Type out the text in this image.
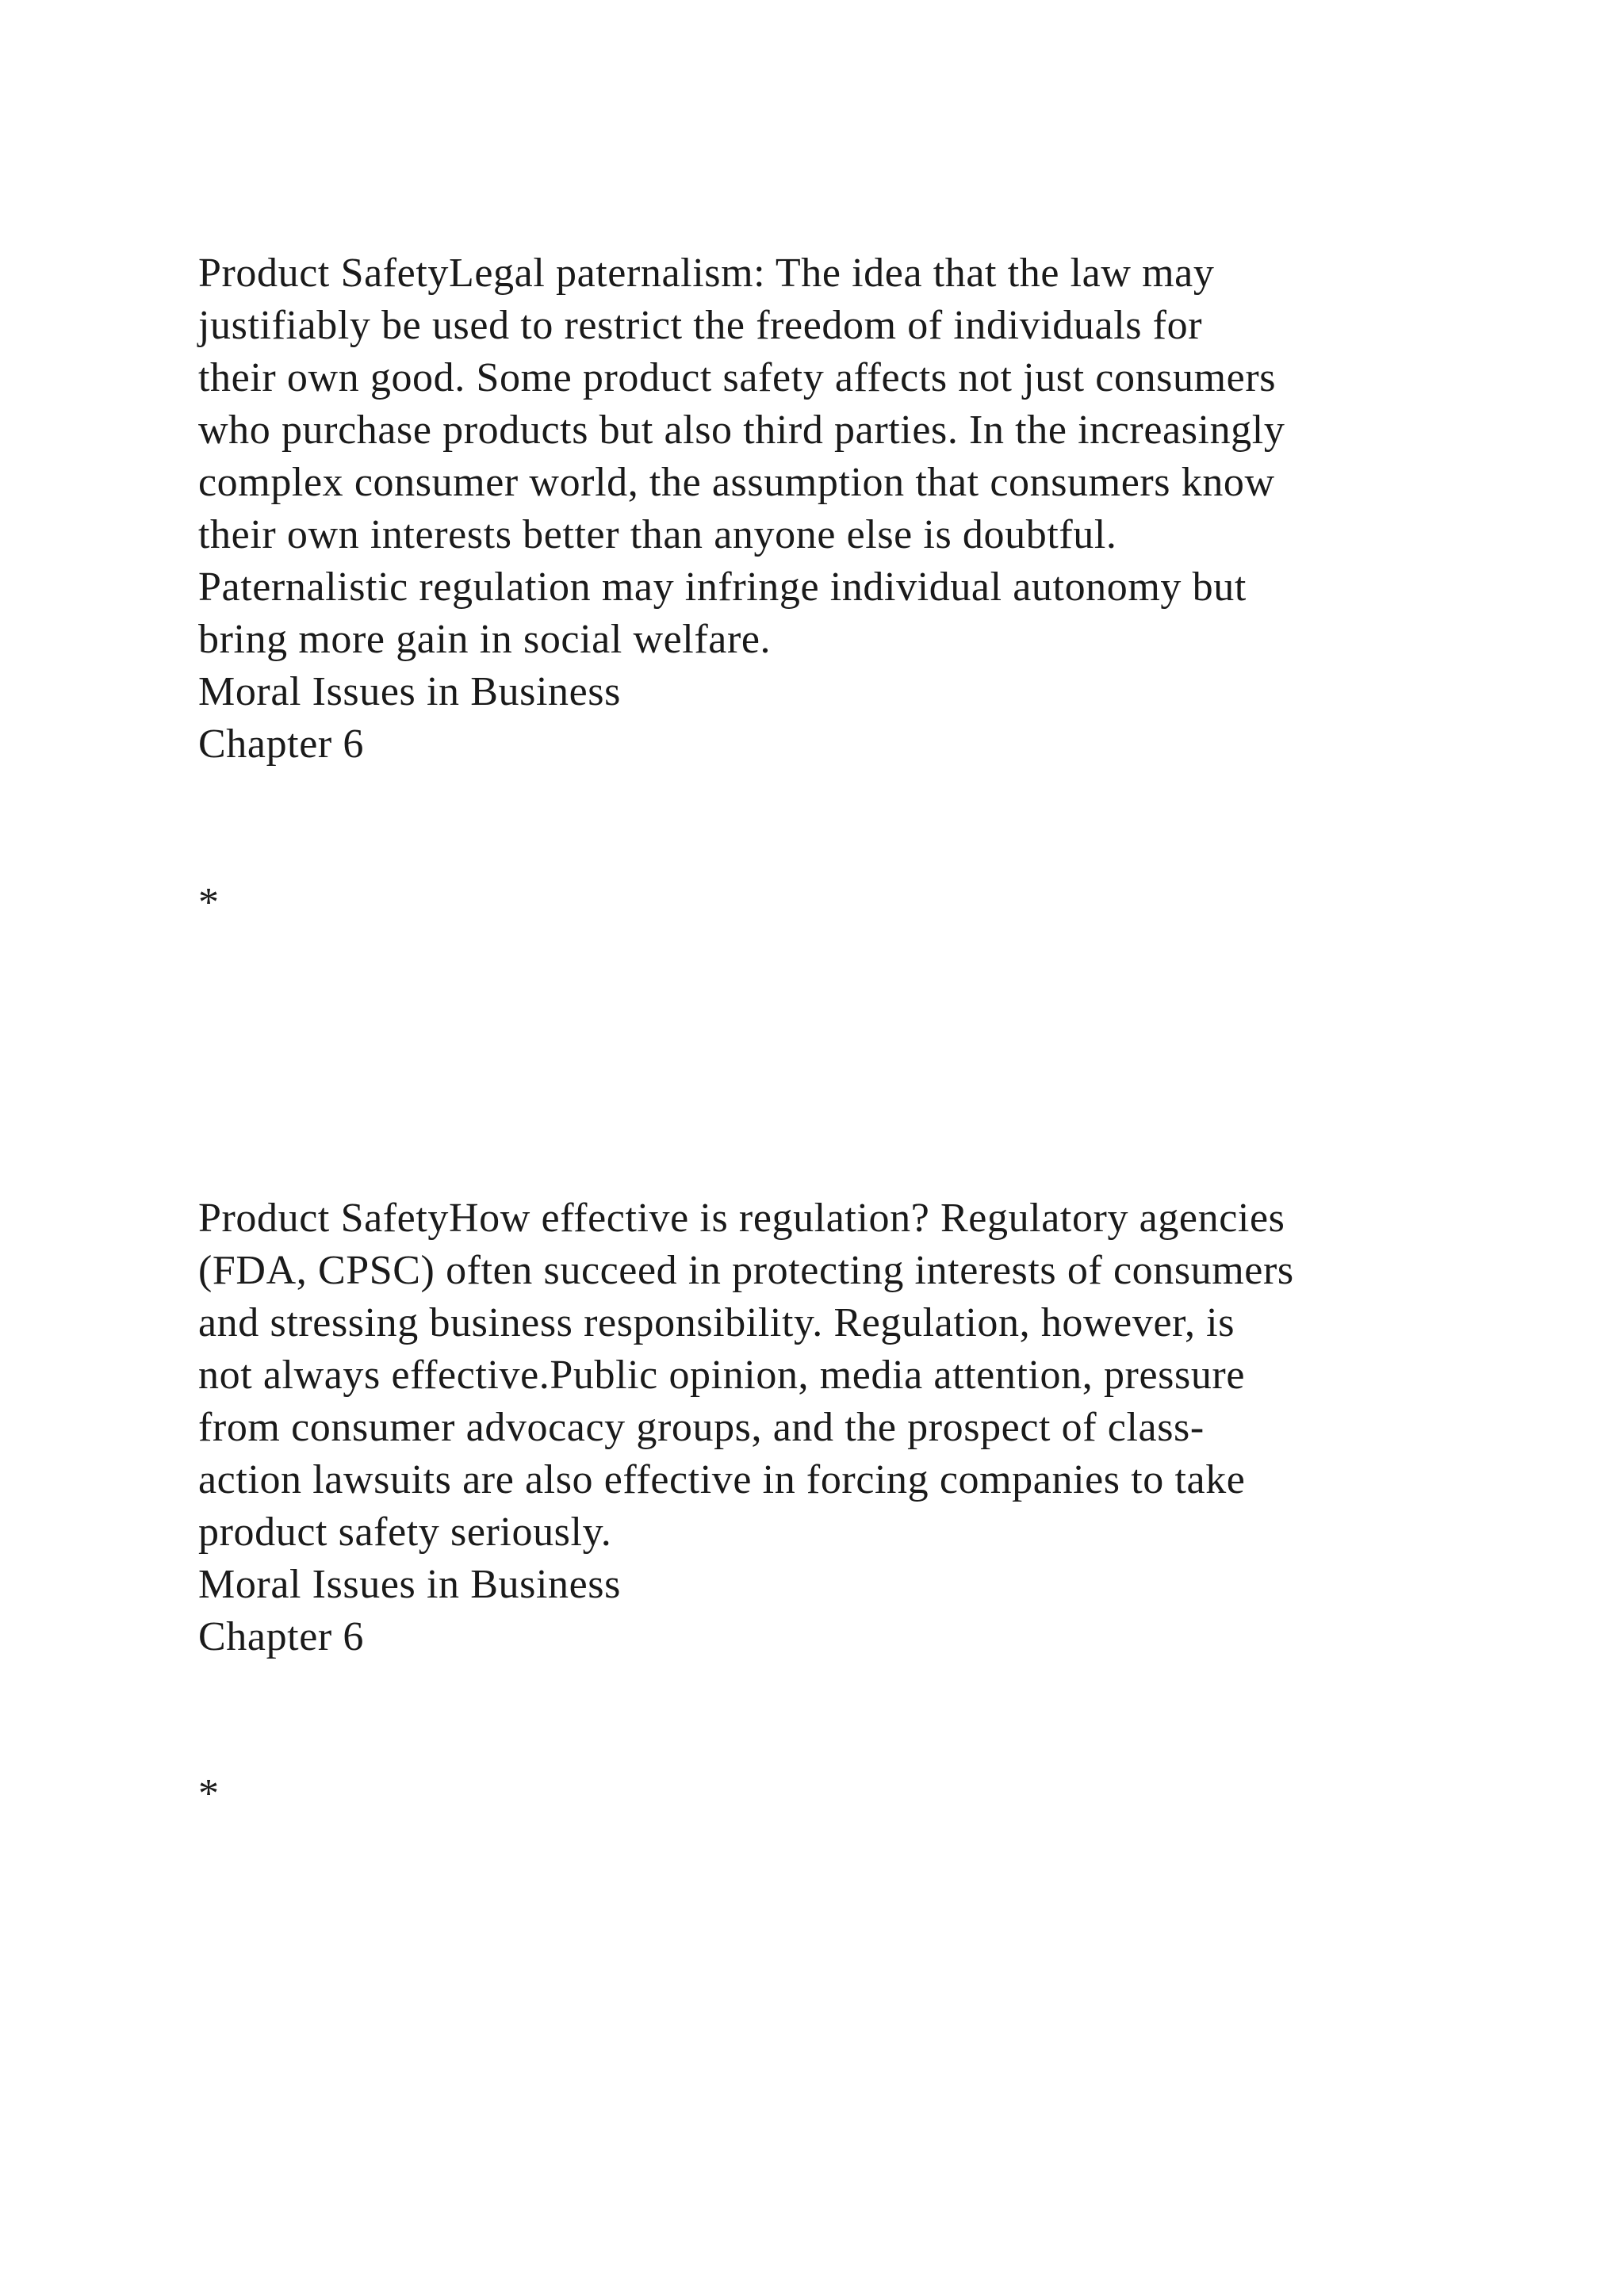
Product SafetyLegal paternalism: The idea that the law may
justifiably be used to restrict the freedom of individuals for
their own good. Some product safety affects not just consumers
who purchase products but also third parties. In the increasingly
complex consumer world, the assumption that consumers know
their own interests better than anyone else is doubtful.
Paternalistic regulation may infringe individual autonomy but
bring more gain in social welfare.
Moral Issues in Business
Chapter 6
*
Product SafetyHow effective is regulation? Regulatory agencies
(FDA, CPSC) often succeed in protecting interests of consumers
and stressing business responsibility. Regulation, however, is
not always effective.Public opinion, media attention, pressure
from consumer advocacy groups, and the prospect of class-
action lawsuits are also effective in forcing companies to take
product safety seriously.
Moral Issues in Business
Chapter 6
*
